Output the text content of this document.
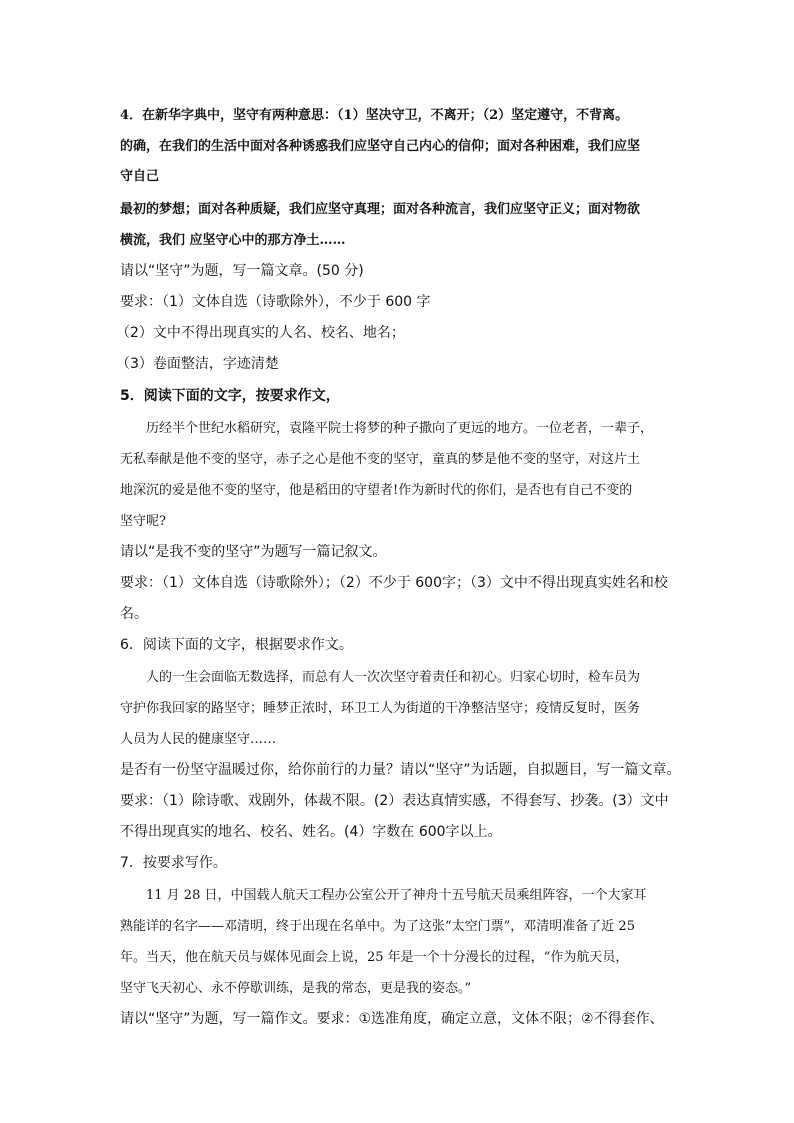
4．在新华字典中，坚守有两种意思：（1）坚决守卫，不离开；（2）坚定遵守，不背离。

的确，在我们的生活中面对各种诱惑我们应坚守自己内心的信仰；面对各种困难，我们应坚

守自己

最初的梦想；面对各种质疑，我们应坚守真理；面对各种流言，我们应坚守正义；面对物欲

横流，我们 应坚守心中的那方净土……

请以“坚守”为题，写一篇文章。(50 分)

要求：（1）文体自选（诗歌除外），不少于 600 字

（2）文中不得出现真实的人名、校名、地名；

（3）卷面整洁，字迹清楚

5．阅读下面的文字，按要求作文，

历经半个世纪水稻研究，袁隆平院士将梦的种子撒向了更远的地方。一位老者，一辈子，

无私奉献是他不变的坚守，赤子之心是他不变的坚守，童真的梦是他不变的坚守，对这片土

地深沉的爱是他不变的坚守，他是稻田的守望者!作为新时代的你们，是否也有自己不变的

坚守呢?

请以“是我不变的坚守”为题写一篇记叙文。

要求：（1）文体自选（诗歌除外）；（2）不少于 600字；（3）文中不得出现真实姓名和校

名。

6．阅读下面的文字，根据要求作文。

人的一生会面临无数选择，而总有人一次次坚守着责任和初心。归家心切时，检车员为

守护你我回家的路坚守；睡梦正浓时，环卫工人为街道的干净整洁坚守；疫情反复时，医务

人员为人民的健康坚守……

是否有一份坚守温暖过你，给你前行的力量？请以“坚守”为话题，自拟题目，写一篇文章。

要求：（1）除诗歌、戏剧外，体裁不限。(2）表达真情实感，不得套写、抄袭。(3）文中

不得出现真实的地名、校名、姓名。(4）字数在 600字以上。

7．按要求写作。

11 月 28 日，中国载人航天工程办公室公开了神舟十五号航天员乘组阵容，一个大家耳

熟能详的名字——邓清明，终于出现在名单中。为了这张“太空门票”，邓清明准备了近 25

年。当天，他在航天员与媒体见面会上说，25 年是一个十分漫长的过程，“作为航天员，

坚守飞天初心、永不停歇训练，是我的常态，更是我的姿态。”

请以“坚守”为题，写一篇作文。要求：①选准角度，确定立意，文体不限；②不得套作、
